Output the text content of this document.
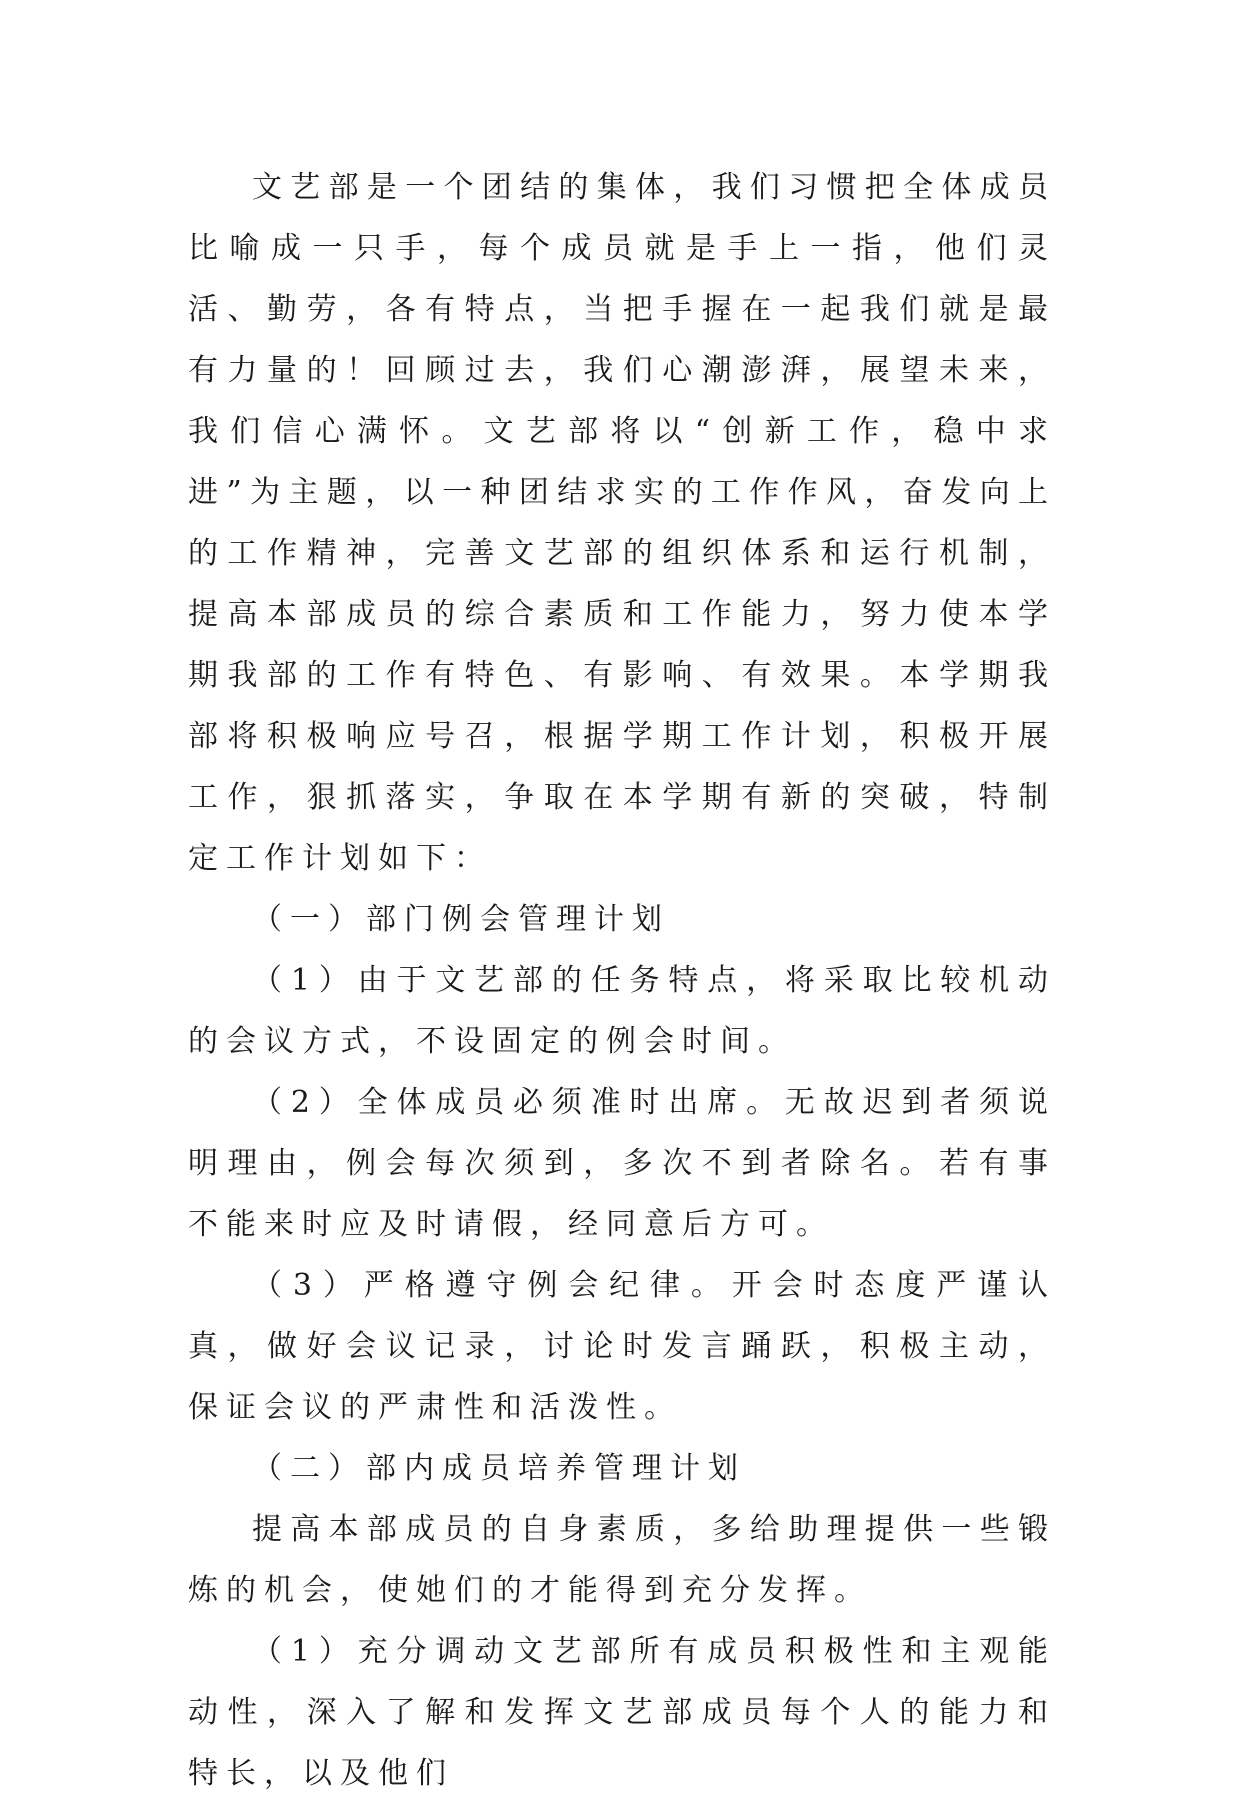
文艺部是一个团结的集体，我们习惯把全体成员比喻成一只手，每个成员就是手上一指，他们灵活、勤劳，各有特点，当把手握在一起我们就是最有力量的！回顾过去，我们心潮澎湃，展望未来，我们信心满怀。文艺部将以“创新工作，稳中求进”为主题，以一种团结求实的工作作风，奋发向上的工作精神，完善文艺部的组织体系和运行机制，提高本部成员的综合素质和工作能力，努力使本学期我部的工作有特色、有影响、有效果。本学期我部将积极响应号召，根据学期工作计划，积极开展工作，狠抓落实，争取在本学期有新的突破，特制定工作计划如下：

（一）部门例会管理计划

（1）由于文艺部的任务特点，将采取比较机动的会议方式，不设固定的例会时间。

（2）全体成员必须准时出席。无故迟到者须说明理由，例会每次须到，多次不到者除名。若有事不能来时应及时请假，经同意后方可。

（3）严格遵守例会纪律。开会时态度严谨认真，做好会议记录，讨论时发言踊跃，积极主动，保证会议的严肃性和活泼性。

（二）部内成员培养管理计划

提高本部成员的自身素质，多给助理提供一些锻炼的机会，使她们的才能得到充分发挥。

（1）充分调动文艺部所有成员积极性和主观能动性，深入了解和发挥文艺部成员每个人的能力和特长，以及他们
